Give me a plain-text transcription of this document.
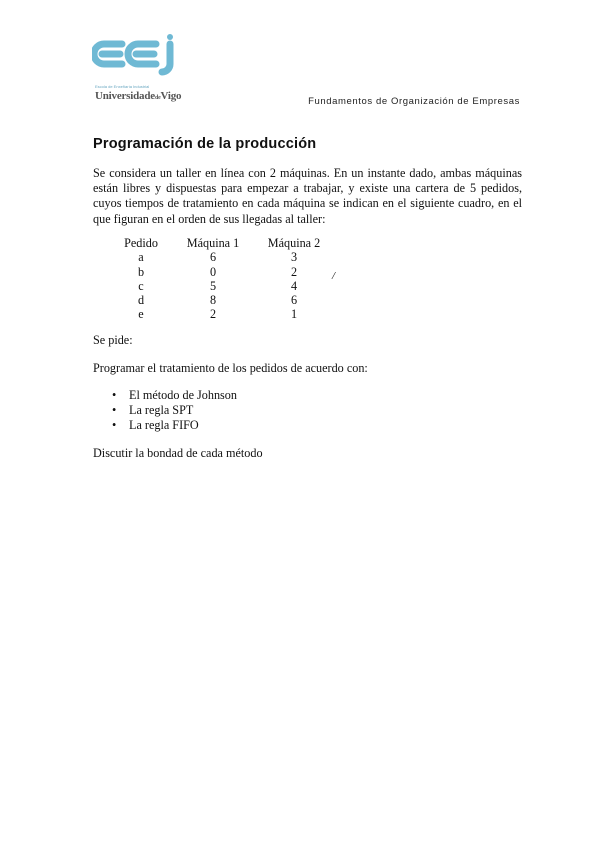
Escola de Enxeñaría Industrial
UniversidadedeVigo	Fundamentos de Organización de Empresas
Programación de la producción

Se considera un taller en línea con 2 máquinas. En un instante dado, ambas máquinas están libres y dispuestas para empezar a trabajar, y existe una cartera de 5 pedidos, cuyos tiempos de tratamiento en cada máquina se indican en el siguiente cuadro, en el que figuran en el orden de sus llegadas al taller:

Pedido	Máquina 1	Máquina 2
a	6	3
b	0	2
c	5	4
d	8	6
e	2	1
/

Se pide:

Programar el tratamiento de los pedidos de acuerdo con:

• El método de Johnson
• La regla SPT
• La regla FIFO

Discutir la bondad de cada método
